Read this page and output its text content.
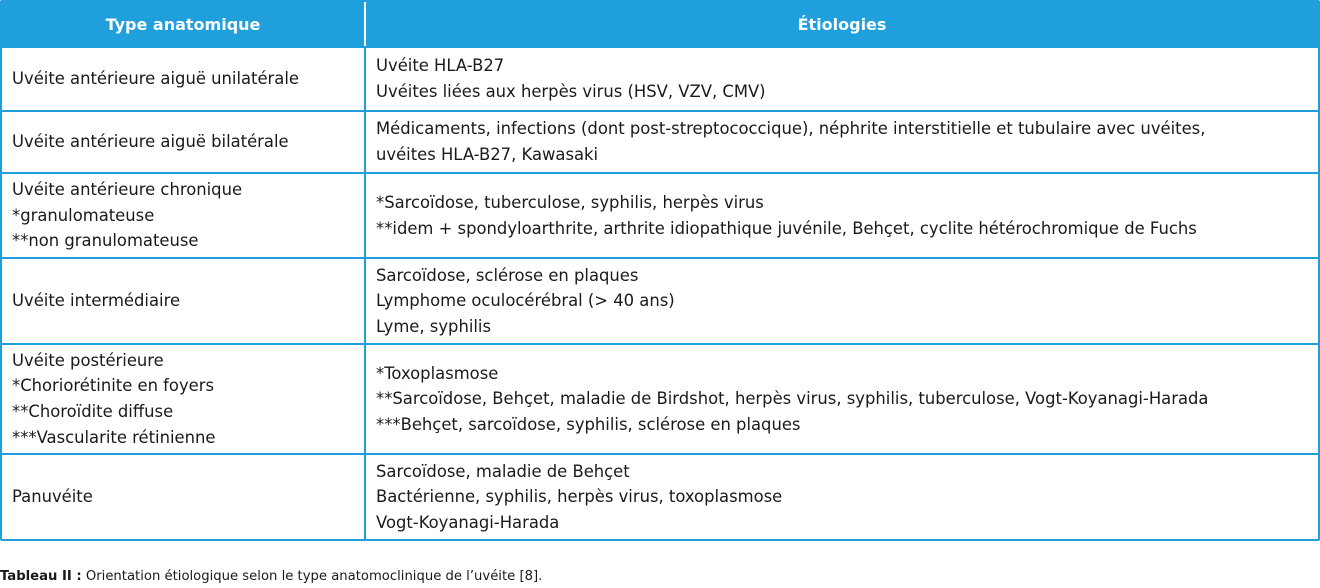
Type anatomique	Étiologies

Uvéite antérieure aiguë unilatérale	Uvéite HLA-B27
Uvéites liées aux herpès virus (HSV, VZV, CMV)

Uvéite antérieure aiguë bilatérale	Médicaments, infections (dont post-streptococcique), néphrite interstitielle et tubulaire avec uvéites,
uvéites HLA-B27, Kawasaki

Uvéite antérieure chronique
*granulomateuse
**non granulomateuse	*Sarcoïdose, tuberculose, syphilis, herpès virus
**idem + spondyloarthrite, arthrite idiopathique juvénile, Behçet, cyclite hétérochromique de Fuchs

Uvéite intermédiaire	Sarcoïdose, sclérose en plaques
Lymphome oculocérébral (> 40 ans)
Lyme, syphilis

Uvéite postérieure
*Choriorétinite en foyers
**Choroïdite diffuse
***Vascularite rétinienne	*Toxoplasmose
**Sarcoïdose, Behçet, maladie de Birdshot, herpès virus, syphilis, tuberculose, Vogt-Koyanagi-Harada
***Behçet, sarcoïdose, syphilis, sclérose en plaques

Panuvéite	Sarcoïdose, maladie de Behçet
Bactérienne, syphilis, herpès virus, toxoplasmose
Vogt-Koyanagi-Harada
Tableau II : Orientation étiologique selon le type anatomoclinique de l’uvéite [8].
